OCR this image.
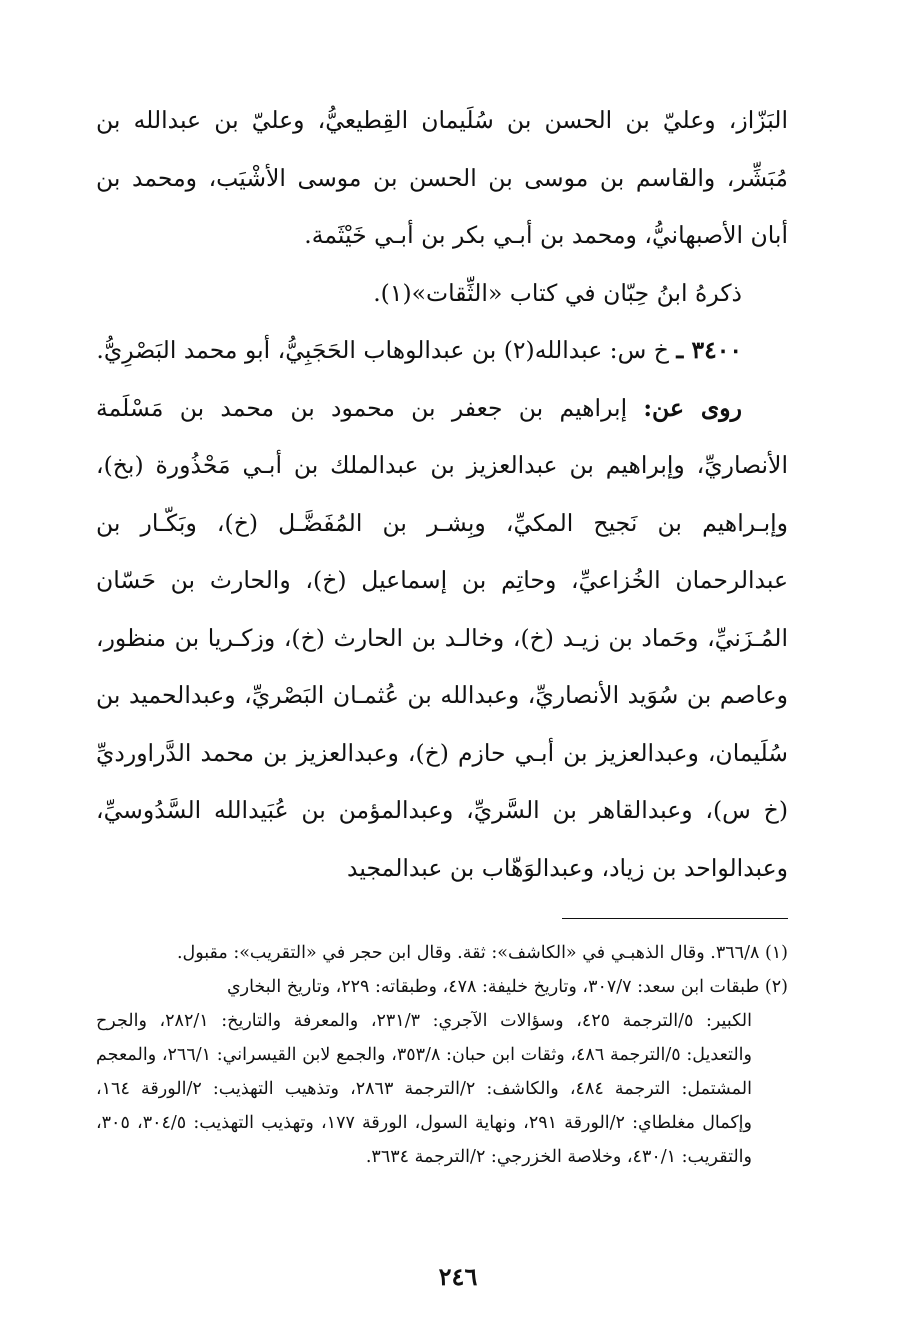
البَزّاز، وعليّ بن الحسن بن سُلَيمان القِطيعيُّ، وعليّ بن عبدالله بن مُبَشِّر، والقاسم بن موسى بن الحسن بن موسى الأشْيَب، ومحمد بن أبان الأصبهانيُّ، ومحمد بن أبـي بكر بن أبـي خَيْثَمة.

ذكرهُ ابنُ حِبّان في كتاب «الثِّقات»(١).

٣٤٠٠ ـ خ س: عبدالله(٢) بن عبدالوهاب الحَجَبِيُّ، أبو محمد البَصْرِيُّ.

روى عن: إبراهيم بن جعفر بن محمود بن محمد بن مَسْلَمة الأنصاريِّ، وإبراهيم بن عبدالعزيز بن عبدالملك بن أبـي مَحْذُورة (بخ)، وإبـراهيم بن نَجيح المكيِّ، وبِشـر بن المُفَضَّـل (خ)، وبَكّـار بن عبدالرحمان الخُزاعيِّ، وحاتِم بن إسماعيل (خ)، والحارث بن حَسّان المُـزَنيِّ، وحَماد بن زيـد (خ)، وخالـد بن الحارث (خ)، وزكـريا بن منظور، وعاصم بن سُوَيد الأنصاريِّ، وعبدالله بن عُثمـان البَصْريِّ، وعبدالحميد بن سُلَيمان، وعبدالعزيز بن أبـي حازم (خ)، وعبدالعزيز بن محمد الدَّراورديِّ (خ س)، وعبدالقاهر بن السَّريِّ، وعبدالمؤمن بن عُبَيدالله السَّدُوسيِّ، وعبدالواحد بن زياد، وعبدالوَهّاب بن عبدالمجيد

(١) ٣٦٦/٨. وقال الذهبـي في «الكاشف»: ثقة. وقال ابن حجر في «التقريب»: مقبول.

(٢) طبقات ابن سعد: ٣٠٧/٧، وتاريخ خليفة: ٤٧٨، وطبقاته: ٢٢٩، وتاريخ البخاري

الكبير: ٥/الترجمة ٤٢٥، وسؤالات الآجري: ٢٣١/٣، والمعرفة والتاريخ: ٢٨٢/١، والجرح والتعديل: ٥/الترجمة ٤٨٦، وثقات ابن حبان: ٣٥٣/٨، والجمع لابن القيسراني: ٢٦٦/١، والمعجم المشتمل: الترجمة ٤٨٤، والكاشف: ٢/الترجمة ٢٨٦٣، وتذهيب التهذيب: ٢/الورقة ١٦٤، وإكمال مغلطاي: ٢/الورقة ٢٩١، ونهاية السول، الورقة ١٧٧، وتهذيب التهذيب: ٣٠٤/٥، ٣٠٥، والتقريب: ٤٣٠/١، وخلاصة الخزرجي: ٢/الترجمة ٣٦٣٤.

٢٤٦
